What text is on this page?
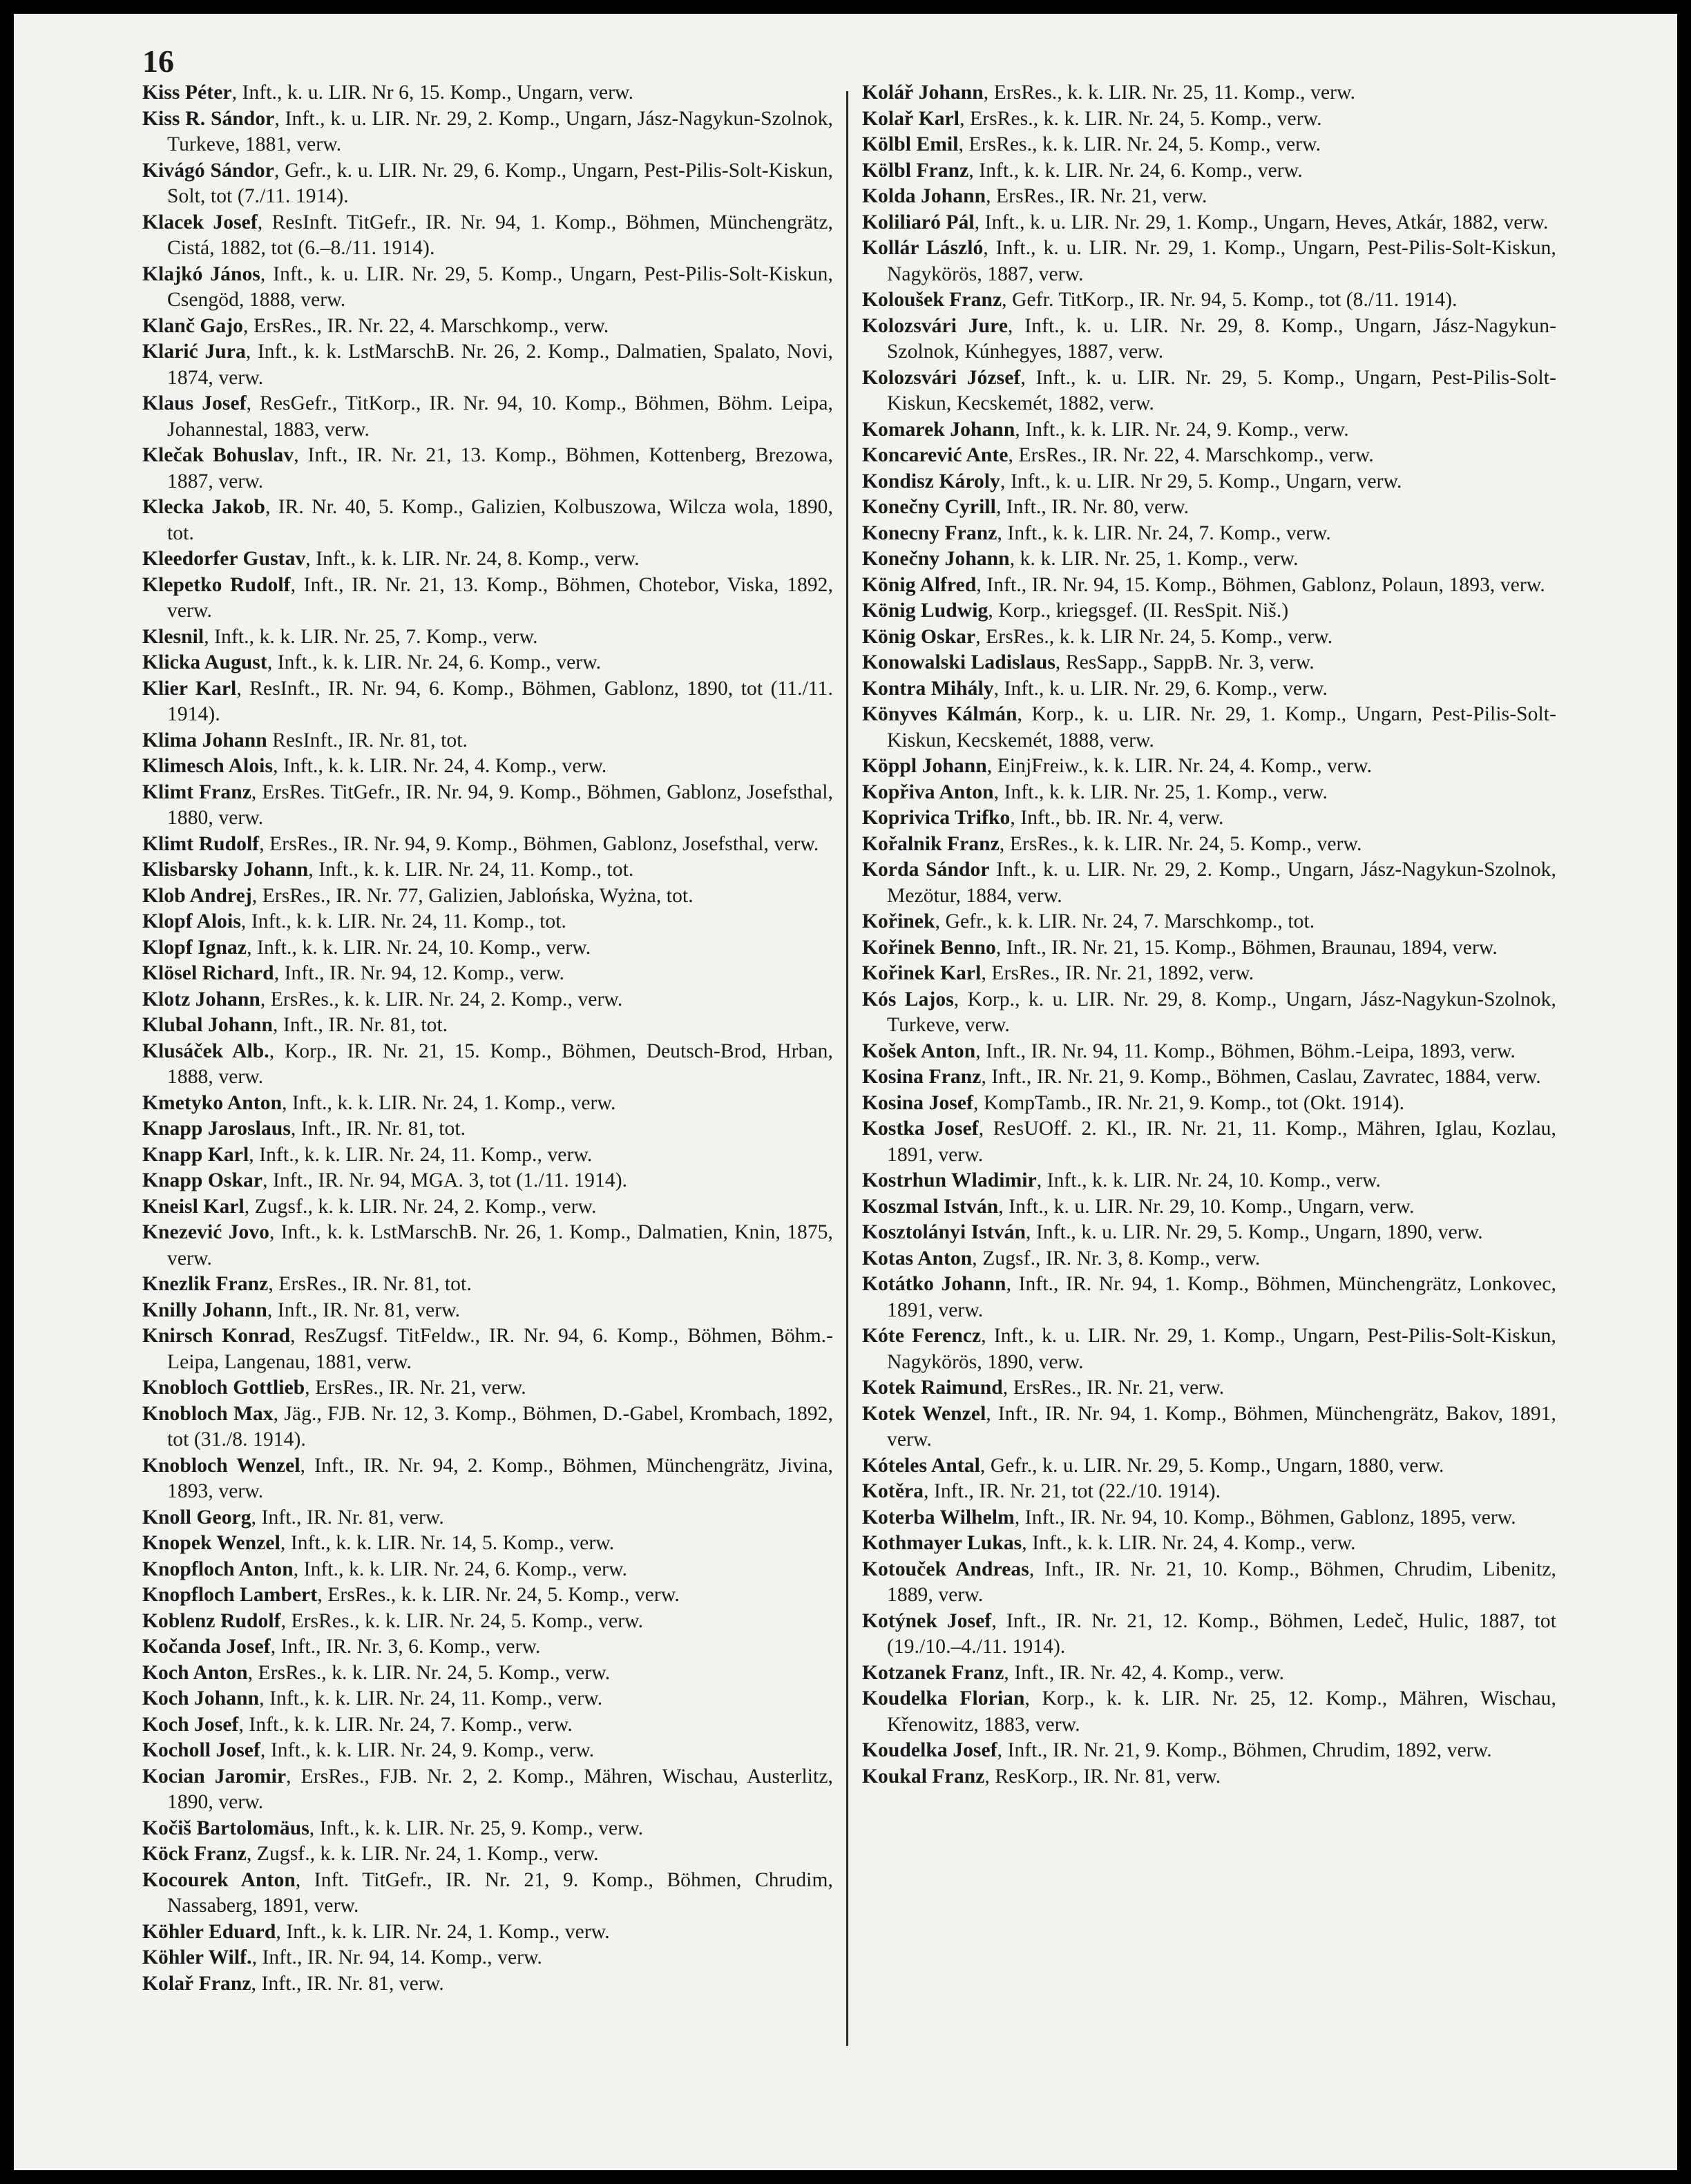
16

Kiss Péter, Inft., k. u. LIR. Nr 6, 15. Komp., Ungarn, verw.

Kiss R. Sándor, Inft., k. u. LIR. Nr. 29, 2. Komp., Ungarn, Jász-Nagykun-Szolnok, Turkeve, 1881, verw.

Kivágó Sándor, Gefr., k. u. LIR. Nr. 29, 6. Komp., Ungarn, Pest-Pilis-Solt-Kiskun, Solt, tot (7./11. 1914).

Klacek Josef, ResInft. TitGefr., IR. Nr. 94, 1. Komp., Böhmen, Münchengrätz, Cistá, 1882, tot (6.–8./11. 1914).

Klajkó János, Inft., k. u. LIR. Nr. 29, 5. Komp., Ungarn, Pest-Pilis-Solt-Kiskun, Csengöd, 1888, verw.

Klanč Gajo, ErsRes., IR. Nr. 22, 4. Marschkomp., verw.

Klarić Jura, Inft., k. k. LstMarschB. Nr. 26, 2. Komp., Dalmatien, Spalato, Novi, 1874, verw.

Klaus Josef, ResGefr., TitKorp., IR. Nr. 94, 10. Komp., Böhmen, Böhm. Leipa, Johannestal, 1883, verw.

Klečak Bohuslav, Inft., IR. Nr. 21, 13. Komp., Böhmen, Kottenberg, Brezowa, 1887, verw.

Klecka Jakob, IR. Nr. 40, 5. Komp., Galizien, Kolbuszowa, Wilcza wola, 1890, tot.

Kleedorfer Gustav, Inft., k. k. LIR. Nr. 24, 8. Komp., verw.

Klepetko Rudolf, Inft., IR. Nr. 21, 13. Komp., Böhmen, Chotebor, Viska, 1892, verw.

Klesnil, Inft., k. k. LIR. Nr. 25, 7. Komp., verw.

Klicka August, Inft., k. k. LIR. Nr. 24, 6. Komp., verw.

Klier Karl, ResInft., IR. Nr. 94, 6. Komp., Böhmen, Gablonz, 1890, tot (11./11. 1914).

Klima Johann ResInft., IR. Nr. 81, tot.

Klimesch Alois, Inft., k. k. LIR. Nr. 24, 4. Komp., verw.

Klimt Franz, ErsRes. TitGefr., IR. Nr. 94, 9. Komp., Böhmen, Gablonz, Josefsthal, 1880, verw.

Klimt Rudolf, ErsRes., IR. Nr. 94, 9. Komp., Böhmen, Gablonz, Josefsthal, verw.

Klisbarsky Johann, Inft., k. k. LIR. Nr. 24, 11. Komp., tot.

Klob Andrej, ErsRes., IR. Nr. 77, Galizien, Jablońska, Wyżna, tot.

Klopf Alois, Inft., k. k. LIR. Nr. 24, 11. Komp., tot.

Klopf Ignaz, Inft., k. k. LIR. Nr. 24, 10. Komp., verw.

Klösel Richard, Inft., IR. Nr. 94, 12. Komp., verw.

Klotz Johann, ErsRes., k. k. LIR. Nr. 24, 2. Komp., verw.

Klubal Johann, Inft., IR. Nr. 81, tot.

Klusáček Alb., Korp., IR. Nr. 21, 15. Komp., Böhmen, Deutsch-Brod, Hrban, 1888, verw.

Kmetyko Anton, Inft., k. k. LIR. Nr. 24, 1. Komp., verw.

Knapp Jaroslaus, Inft., IR. Nr. 81, tot.

Knapp Karl, Inft., k. k. LIR. Nr. 24, 11. Komp., verw.

Knapp Oskar, Inft., IR. Nr. 94, MGA. 3, tot (1./11. 1914).

Kneisl Karl, Zugsf., k. k. LIR. Nr. 24, 2. Komp., verw.

Knezević Jovo, Inft., k. k. LstMarschB. Nr. 26, 1. Komp., Dalmatien, Knin, 1875, verw.

Knezlik Franz, ErsRes., IR. Nr. 81, tot.

Knilly Johann, Inft., IR. Nr. 81, verw.

Knirsch Konrad, ResZugsf. TitFeldw., IR. Nr. 94, 6. Komp., Böhmen, Böhm.-Leipa, Langenau, 1881, verw.

Knobloch Gottlieb, ErsRes., IR. Nr. 21, verw.

Knobloch Max, Jäg., FJB. Nr. 12, 3. Komp., Böhmen, D.-Gabel, Krombach, 1892, tot (31./8. 1914).

Knobloch Wenzel, Inft., IR. Nr. 94, 2. Komp., Böhmen, Münchengrätz, Jivina, 1893, verw.

Knoll Georg, Inft., IR. Nr. 81, verw.

Knopek Wenzel, Inft., k. k. LIR. Nr. 14, 5. Komp., verw.

Knopfloch Anton, Inft., k. k. LIR. Nr. 24, 6. Komp., verw.

Knopfloch Lambert, ErsRes., k. k. LIR. Nr. 24, 5. Komp., verw.

Koblenz Rudolf, ErsRes., k. k. LIR. Nr. 24, 5. Komp., verw.

Kočanda Josef, Inft., IR. Nr. 3, 6. Komp., verw.

Koch Anton, ErsRes., k. k. LIR. Nr. 24, 5. Komp., verw.

Koch Johann, Inft., k. k. LIR. Nr. 24, 11. Komp., verw.

Koch Josef, Inft., k. k. LIR. Nr. 24, 7. Komp., verw.

Kocholl Josef, Inft., k. k. LIR. Nr. 24, 9. Komp., verw.

Kocian Jaromir, ErsRes., FJB. Nr. 2, 2. Komp., Mähren, Wischau, Austerlitz, 1890, verw.

Kočiš Bartolomäus, Inft., k. k. LIR. Nr. 25, 9. Komp., verw.

Köck Franz, Zugsf., k. k. LIR. Nr. 24, 1. Komp., verw.

Kocourek Anton, Inft. TitGefr., IR. Nr. 21, 9. Komp., Böhmen, Chrudim, Nassaberg, 1891, verw.

Köhler Eduard, Inft., k. k. LIR. Nr. 24, 1. Komp., verw.

Köhler Wilf., Inft., IR. Nr. 94, 14. Komp., verw.

Kolař Franz, Inft., IR. Nr. 81, verw.

Kolář Johann, ErsRes., k. k. LIR. Nr. 25, 11. Komp., verw.

Kolař Karl, ErsRes., k. k. LIR. Nr. 24, 5. Komp., verw.

Kölbl Emil, ErsRes., k. k. LIR. Nr. 24, 5. Komp., verw.

Kölbl Franz, Inft., k. k. LIR. Nr. 24, 6. Komp., verw.

Kolda Johann, ErsRes., IR. Nr. 21, verw.

Koliliaró Pál, Inft., k. u. LIR. Nr. 29, 1. Komp., Ungarn, Heves, Atkár, 1882, verw.

Kollár László, Inft., k. u. LIR. Nr. 29, 1. Komp., Ungarn, Pest-Pilis-Solt-Kiskun, Nagykörös, 1887, verw.

Koloušek Franz, Gefr. TitKorp., IR. Nr. 94, 5. Komp., tot (8./11. 1914).

Kolozsvári Jure, Inft., k. u. LIR. Nr. 29, 8. Komp., Ungarn, Jász-Nagykun-Szolnok, Kúnhegyes, 1887, verw.

Kolozsvári József, Inft., k. u. LIR. Nr. 29, 5. Komp., Ungarn, Pest-Pilis-Solt-Kiskun, Kecskemét, 1882, verw.

Komarek Johann, Inft., k. k. LIR. Nr. 24, 9. Komp., verw.

Koncarević Ante, ErsRes., IR. Nr. 22, 4. Marschkomp., verw.

Kondisz Károly, Inft., k. u. LIR. Nr 29, 5. Komp., Ungarn, verw.

Konečny Cyrill, Inft., IR. Nr. 80, verw.

Konecny Franz, Inft., k. k. LIR. Nr. 24, 7. Komp., verw.

Konečny Johann, k. k. LIR. Nr. 25, 1. Komp., verw.

König Alfred, Inft., IR. Nr. 94, 15. Komp., Böhmen, Gablonz, Polaun, 1893, verw.

König Ludwig, Korp., kriegsgef. (II. ResSpit. Niš.)

König Oskar, ErsRes., k. k. LIR Nr. 24, 5. Komp., verw.

Konowalski Ladislaus, ResSapp., SappB. Nr. 3, verw.

Kontra Mihály, Inft., k. u. LIR. Nr. 29, 6. Komp., verw.

Könyves Kálmán, Korp., k. u. LIR. Nr. 29, 1. Komp., Ungarn, Pest-Pilis-Solt-Kiskun, Kecskemét, 1888, verw.

Köppl Johann, EinjFreiw., k. k. LIR. Nr. 24, 4. Komp., verw.

Kopřiva Anton, Inft., k. k. LIR. Nr. 25, 1. Komp., verw.

Koprivica Trifko, Inft., bb. IR. Nr. 4, verw.

Kořalnik Franz, ErsRes., k. k. LIR. Nr. 24, 5. Komp., verw.

Korda Sándor Inft., k. u. LIR. Nr. 29, 2. Komp., Ungarn, Jász-Nagykun-Szolnok, Mezötur, 1884, verw.

Kořinek, Gefr., k. k. LIR. Nr. 24, 7. Marschkomp., tot.

Kořinek Benno, Inft., IR. Nr. 21, 15. Komp., Böhmen, Braunau, 1894, verw.

Kořinek Karl, ErsRes., IR. Nr. 21, 1892, verw.

Kós Lajos, Korp., k. u. LIR. Nr. 29, 8. Komp., Ungarn, Jász-Nagykun-Szolnok, Turkeve, verw.

Košek Anton, Inft., IR. Nr. 94, 11. Komp., Böhmen, Böhm.-Leipa, 1893, verw.

Kosina Franz, Inft., IR. Nr. 21, 9. Komp., Böhmen, Caslau, Zavratec, 1884, verw.

Kosina Josef, KompTamb., IR. Nr. 21, 9. Komp., tot (Okt. 1914).

Kostka Josef, ResUOff. 2. Kl., IR. Nr. 21, 11. Komp., Mähren, Iglau, Kozlau, 1891, verw.

Kostrhun Wladimir, Inft., k. k. LIR. Nr. 24, 10. Komp., verw.

Koszmal István, Inft., k. u. LIR. Nr. 29, 10. Komp., Ungarn, verw.

Kosztolányi István, Inft., k. u. LIR. Nr. 29, 5. Komp., Ungarn, 1890, verw.

Kotas Anton, Zugsf., IR. Nr. 3, 8. Komp., verw.

Kotátko Johann, Inft., IR. Nr. 94, 1. Komp., Böhmen, Münchengrätz, Lonkovec, 1891, verw.

Kóte Ferencz, Inft., k. u. LIR. Nr. 29, 1. Komp., Ungarn, Pest-Pilis-Solt-Kiskun, Nagykörös, 1890, verw.

Kotek Raimund, ErsRes., IR. Nr. 21, verw.

Kotek Wenzel, Inft., IR. Nr. 94, 1. Komp., Böhmen, Münchengrätz, Bakov, 1891, verw.

Kóteles Antal, Gefr., k. u. LIR. Nr. 29, 5. Komp., Ungarn, 1880, verw.

Kotěra, Inft., IR. Nr. 21, tot (22./10. 1914).

Koterba Wilhelm, Inft., IR. Nr. 94, 10. Komp., Böhmen, Gablonz, 1895, verw.

Kothmayer Lukas, Inft., k. k. LIR. Nr. 24, 4. Komp., verw.

Kotouček Andreas, Inft., IR. Nr. 21, 10. Komp., Böhmen, Chrudim, Libenitz, 1889, verw.

Kotýnek Josef, Inft., IR. Nr. 21, 12. Komp., Böhmen, Ledeč, Hulic, 1887, tot (19./10.–4./11. 1914).

Kotzanek Franz, Inft., IR. Nr. 42, 4. Komp., verw.

Koudelka Florian, Korp., k. k. LIR. Nr. 25, 12. Komp., Mähren, Wischau, Křenowitz, 1883, verw.

Koudelka Josef, Inft., IR. Nr. 21, 9. Komp., Böhmen, Chrudim, 1892, verw.

Koukal Franz, ResKorp., IR. Nr. 81, verw.
